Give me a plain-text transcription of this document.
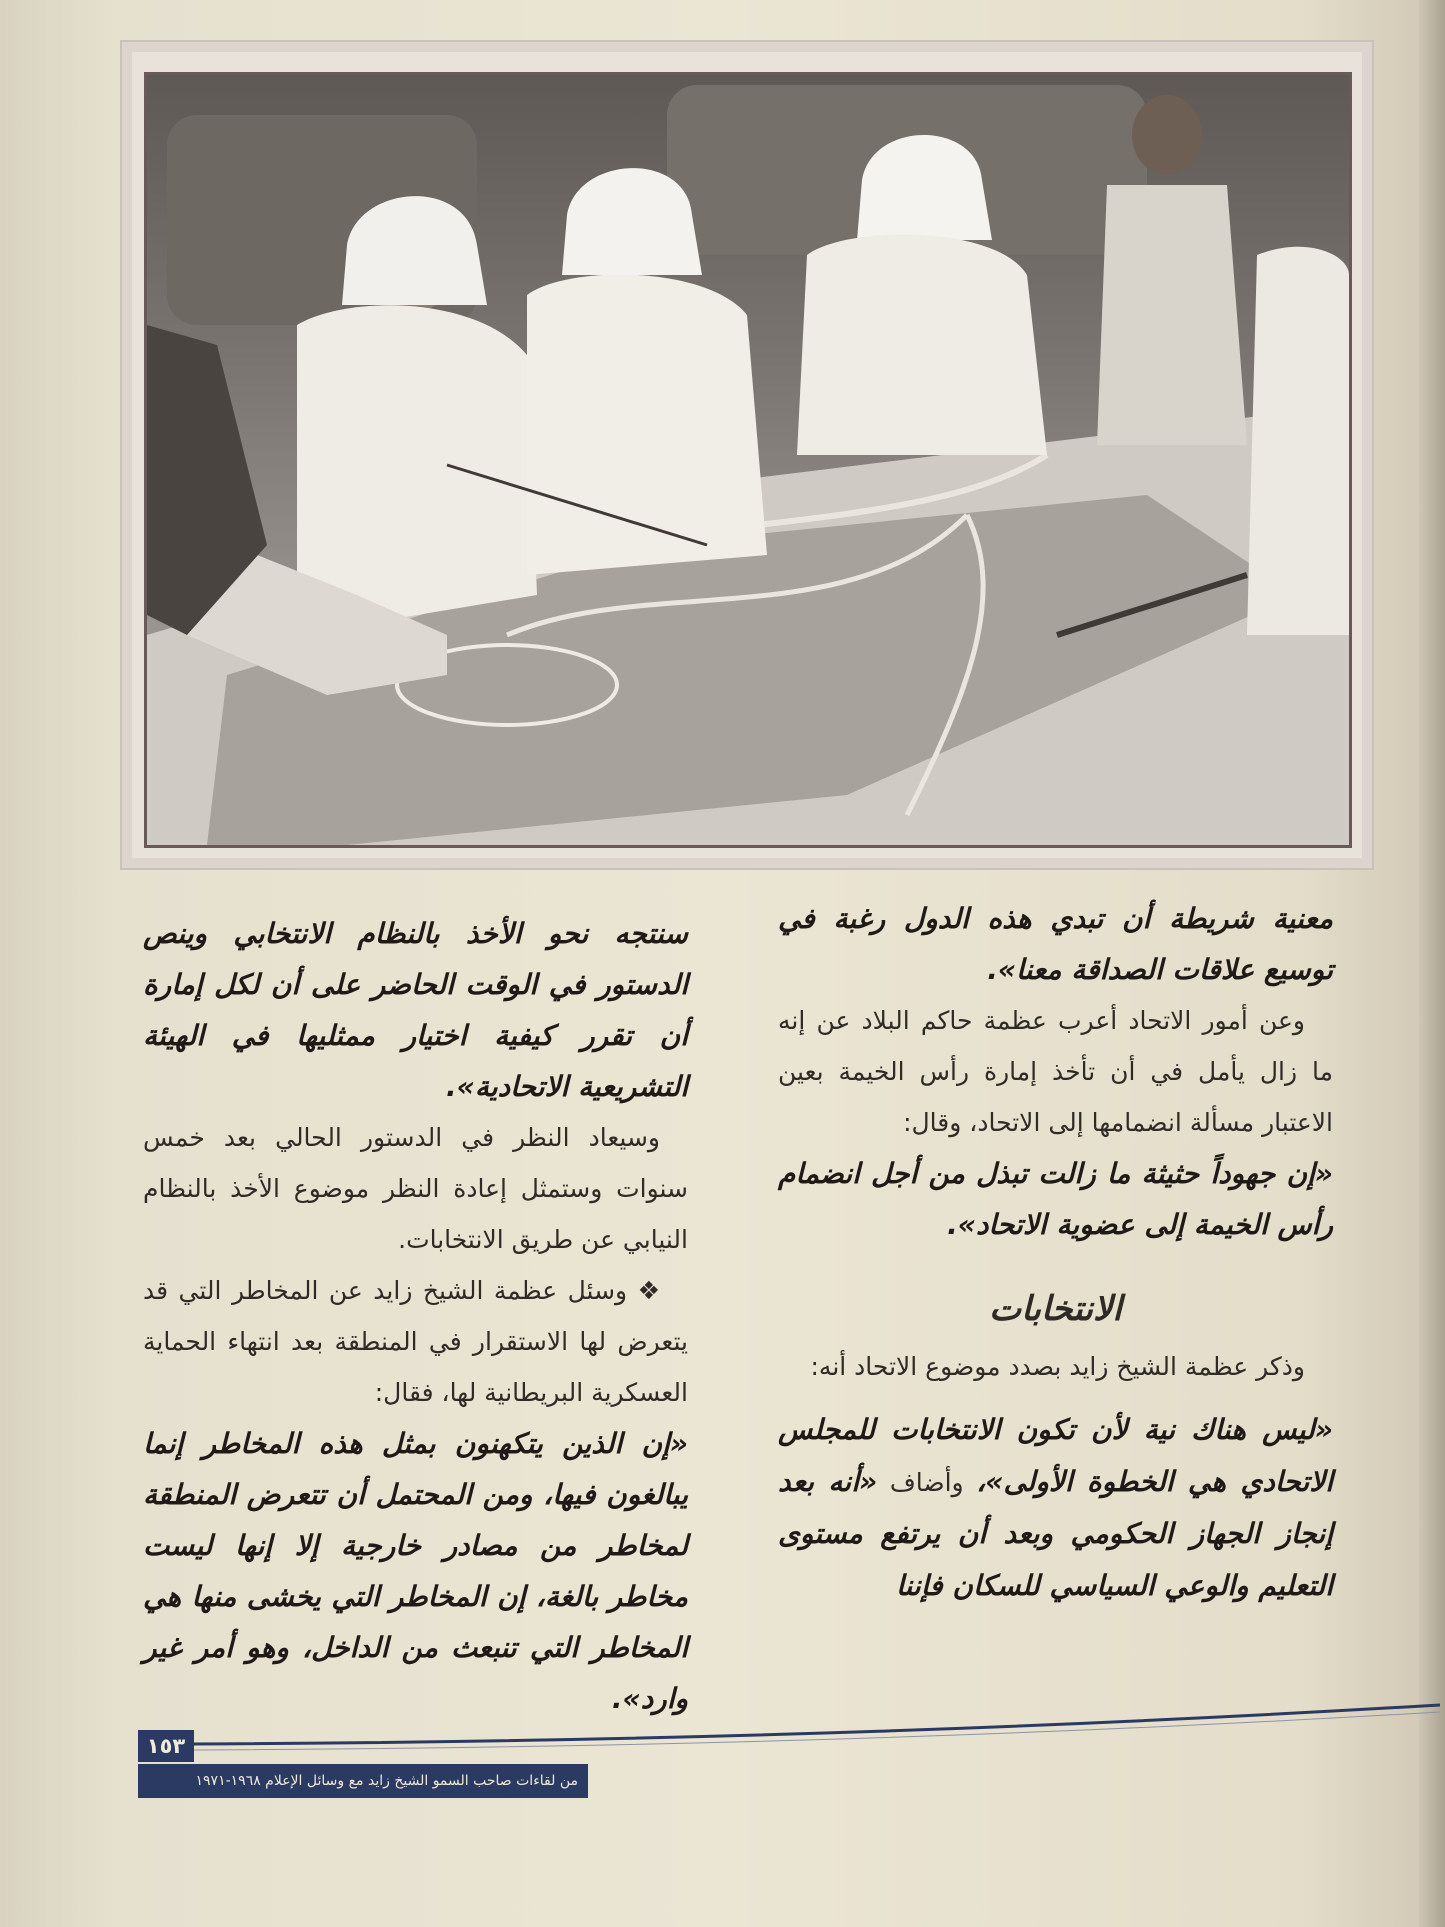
معنية شريطة أن تبدي هذه الدول رغبة في توسيع علاقات الصداقة معنا».

وعن أمور الاتحاد أعرب عظمة حاكم البلاد عن إنه ما زال يأمل في أن تأخذ إمارة رأس الخيمة بعين الاعتبار مسألة انضمامها إلى الاتحاد، وقال:

«إن جهوداً حثيثة ما زالت تبذل من أجل انضمام رأس الخيمة إلى عضوية الاتحاد».

الانتخابات

وذكر عظمة الشيخ زايد بصدد موضوع الاتحاد أنه:

«ليس هناك نية لأن تكون الانتخابات للمجلس الاتحادي هي الخطوة الأولى»، وأضاف «أنه بعد إنجاز الجهاز الحكومي وبعد أن يرتفع مستوى التعليم والوعي السياسي للسكان فإننا

سنتجه نحو الأخذ بالنظام الانتخابي وينص الدستور في الوقت الحاضر على أن لكل إمارة أن تقرر كيفية اختيار ممثليها في الهيئة التشريعية الاتحادية».

وسيعاد النظر في الدستور الحالي بعد خمس سنوات وستمثل إعادة النظر موضوع الأخذ بالنظام النيابي عن طريق الانتخابات.

❖ وسئل عظمة الشيخ زايد عن المخاطر التي قد يتعرض لها الاستقرار في المنطقة بعد انتهاء الحماية العسكرية البريطانية لها، فقال:

«إن الذين يتكهنون بمثل هذه المخاطر إنما يبالغون فيها، ومن المحتمل أن تتعرض المنطقة لمخاطر من مصادر خارجية إلا إنها ليست مخاطر بالغة، إن المخاطر التي يخشى منها هي المخاطر التي تنبعث من الداخل، وهو أمر غير وارد».

١٥٣
من لقاءات صاحب السمو الشيخ زايد مع وسائل الإعلام ١٩٦٨-١٩٧١
